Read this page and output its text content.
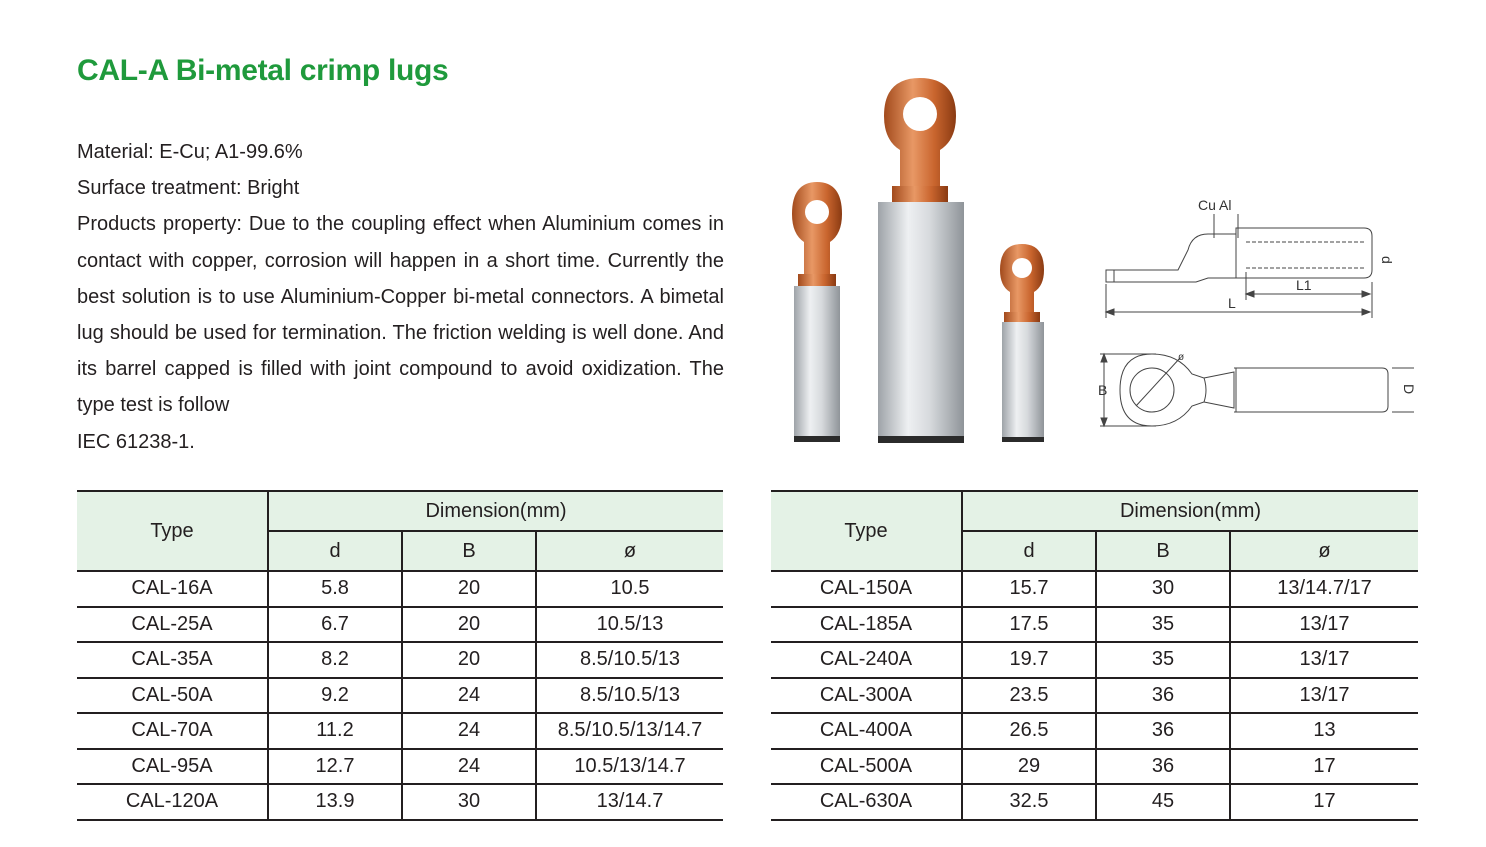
CAL-A Bi-metal crimp lugs

Material: E-Cu; A1-99.6%

Surface treatment: Bright

Products property: Due to the coupling effect when Aluminium comes in contact with copper, corrosion will happen in a short time. Currently the best solution is to use Aluminium-Copper bi-metal connectors. A bimetal lug should be used for termination. The friction welding is well done. And its barrel capped is filled with joint compound to avoid oxidization. The type test is follow

IEC 61238-1.

Cu Al
d
L1
L
B
ø
D
Type	Dimension(mm)		
	d	B	ø
CAL-16A	5.8	20	10.5
CAL-25A	6.7	20	10.5/13
CAL-35A	8.2	20	8.5/10.5/13
CAL-50A	9.2	24	8.5/10.5/13
CAL-70A	11.2	24	8.5/10.5/13/14.7
CAL-95A	12.7	24	10.5/13/14.7
CAL-120A	13.9	30	13/14.7
Type	Dimension(mm)		
	d	B	ø
CAL-150A	15.7	30	13/14.7/17
CAL-185A	17.5	35	13/17
CAL-240A	19.7	35	13/17
CAL-300A	23.5	36	13/17
CAL-400A	26.5	36	13
CAL-500A	29	36	17
CAL-630A	32.5	45	17
